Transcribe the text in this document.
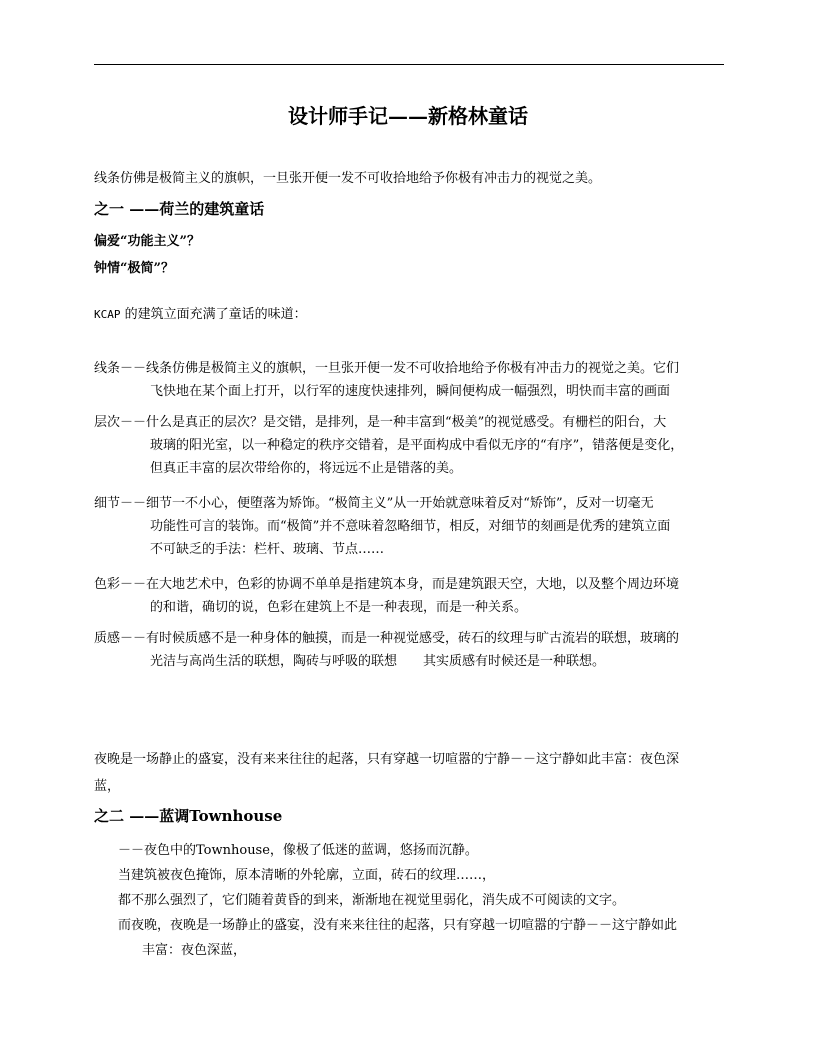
设计师手记——新格林童话
线条仿佛是极简主义的旗帜，一旦张开便一发不可收拾地给予你极有冲击力的视觉之美。
之一 ——荷兰的建筑童话
偏爱“功能主义”？
钟情“极简”？
KCAP 的建筑立面充满了童话的味道：
线条－－线条仿佛是极简主义的旗帜，一旦张开便一发不可收拾地给予你极有冲击力的视觉之美。它们
飞快地在某个面上打开，以行军的速度快速排列，瞬间便构成一幅强烈，明快而丰富的画面
层次－－什么是真正的层次？是交错，是排列，是一种丰富到“极美”的视觉感受。有栅栏的阳台，大
玻璃的阳光室，以一种稳定的秩序交错着，是平面构成中看似无序的“有序”，错落便是变化，
但真正丰富的层次带给你的，将远远不止是错落的美。
细节－－细节一不小心，便堕落为矫饰。“极简主义”从一开始就意味着反对“矫饰”，反对一切毫无
功能性可言的装饰。而“极简”并不意味着忽略细节，相反，对细节的刻画是优秀的建筑立面
不可缺乏的手法：栏杆、玻璃、节点……
色彩－－在大地艺术中，色彩的协调不单单是指建筑本身，而是建筑跟天空，大地，以及整个周边环境
的和谐，确切的说，色彩在建筑上不是一种表现，而是一种关系。
质感－－有时候质感不是一种身体的触摸，而是一种视觉感受，砖石的纹理与旷古流岩的联想，玻璃的
光洁与高尚生活的联想，陶砖与呼吸的联想　　其实质感有时候还是一种联想。
夜晚是一场静止的盛宴，没有来来往往的起落，只有穿越一切喧嚣的宁静－－这宁静如此丰富：夜色深
蓝，
之二 ——蓝调Townhouse
－－夜色中的Townhouse，像极了低迷的蓝调，悠扬而沉静。
当建筑被夜色掩饰，原本清晰的外轮廓，立面，砖石的纹理……，
都不那么强烈了，它们随着黄昏的到来，渐渐地在视觉里弱化，消失成不可阅读的文字。
而夜晚，夜晚是一场静止的盛宴，没有来来往往的起落，只有穿越一切喧嚣的宁静－－这宁静如此
丰富：夜色深蓝，
